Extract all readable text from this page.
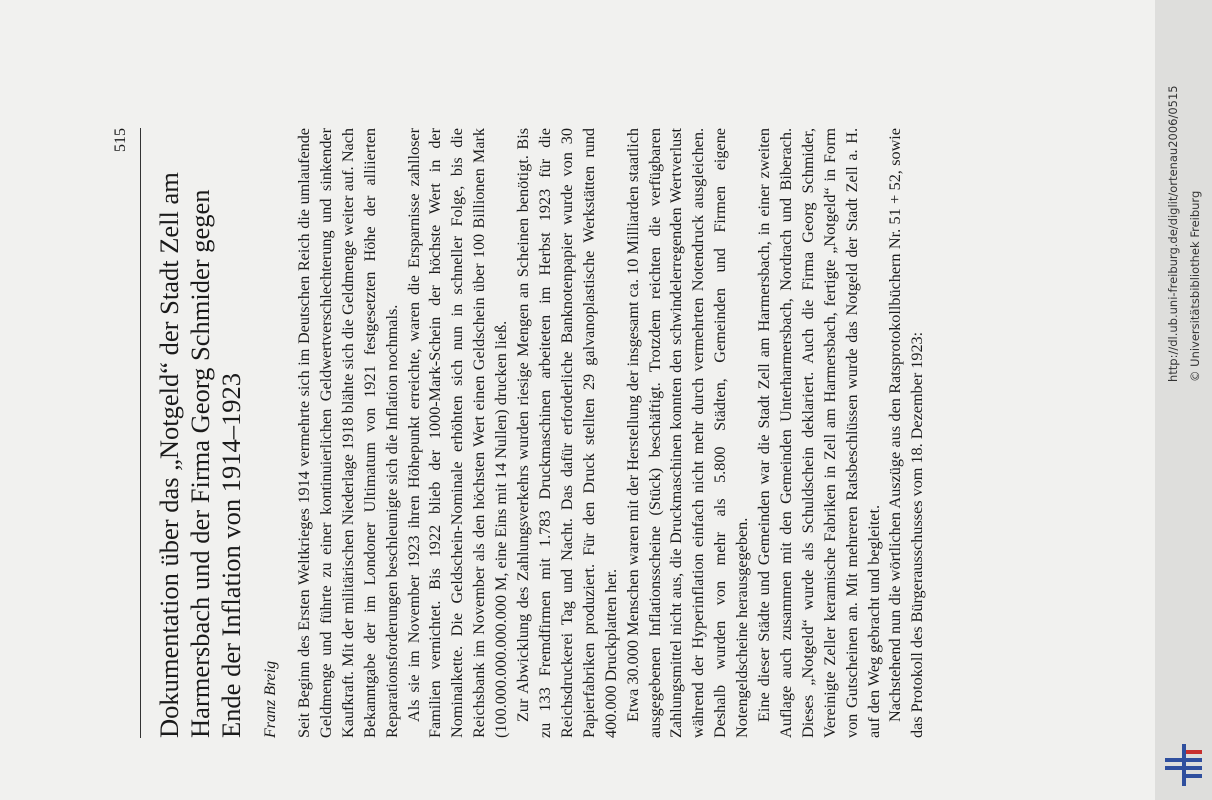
515

Dokumentation über das „Notgeld“ der Stadt Zell am Harmersbach und der Firma Georg Schmider gegen Ende der Inflation von 1914–1923 Franz Breig Seit Beginn des Ersten Weltkrieges 1914 vermehrte sich im Deutschen Reich die umlaufende Geldmenge und führte zu einer kontinuierlichen Geldwertverschlechterung und sinkender Kaufkraft. Mit der militärischen Niederlage 1918 blähte sich die Geldmenge weiter auf. Nach Bekanntgabe der im Londoner Ultimatum von 1921 festgesetzten Höhe der alliierten Reparationsforderungen beschleunigte sich die Inflation nochmals. Als sie im November 1923 ihren Höhepunkt erreichte, waren die Ersparnisse zahlloser Familien vernichtet. Bis 1922 blieb der 1000-Mark-Schein der höchste Wert in der Nominalkette. Die Geldschein-Nominale erhöhten sich nun in schneller Folge, bis die Reichsbank im November als den höchsten Wert einen Geldschein über 100 Billionen Mark (100.000.000.000.000 M, eine Eins mit 14 Nullen) drucken ließ. Zur Abwicklung des Zahlungsverkehrs wurden riesige Mengen an Scheinen benötigt. Bis zu 133 Fremdfirmen mit 1.783 Druckmaschinen arbeiteten im Herbst 1923 für die Reichsdruckerei Tag und Nacht. Das dafür erforderliche Banknotenpapier wurde von 30 Papierfabriken produziert. Für den Druck stellten 29 galvanoplastische Werkstätten rund 400.000 Druckplatten her. Etwa 30.000 Menschen waren mit der Herstellung der insgesamt ca. 10 Milliarden staatlich ausgegebenen Inflationsscheine (Stück) beschäftigt. Trotzdem reichten die verfügbaren Zahlungsmittel nicht aus, die Druckmaschinen konnten den schwindelerregenden Wertverlust während der Hyperinflation einfach nicht mehr durch vermehrten Notendruck ausgleichen. Deshalb wurden von mehr als 5.800 Städten, Gemeinden und Firmen eigene Notengeldscheine herausgegeben. Eine dieser Städte und Gemeinden war die Stadt Zell am Harmersbach, in einer zweiten Auflage auch zusammen mit den Gemeinden Unterharmersbach, Nordrach und Biberach. Dieses „Notgeld“ wurde als Schuldschein deklariert. Auch die Firma Georg Schmider, Vereinigte Zeller keramische Fabriken in Zell am Harmersbach, fertigte „Notgeld“ in Form von Gutscheinen an. Mit mehreren Ratsbeschlüssen wurde das Notgeld der Stadt Zell a. H. auf den Weg gebracht und begleitet. Nachstehend nun die wörtlichen Auszüge aus den Ratsprotokollbüchern Nr. 51 + 52, sowie das Protokoll des Bürgerausschusses vom 18. Dezember 1923:

http://dl.ub.uni-freiburg.de/diglit/ortenau2006/0515 © Universitätsbibliothek Freiburg
